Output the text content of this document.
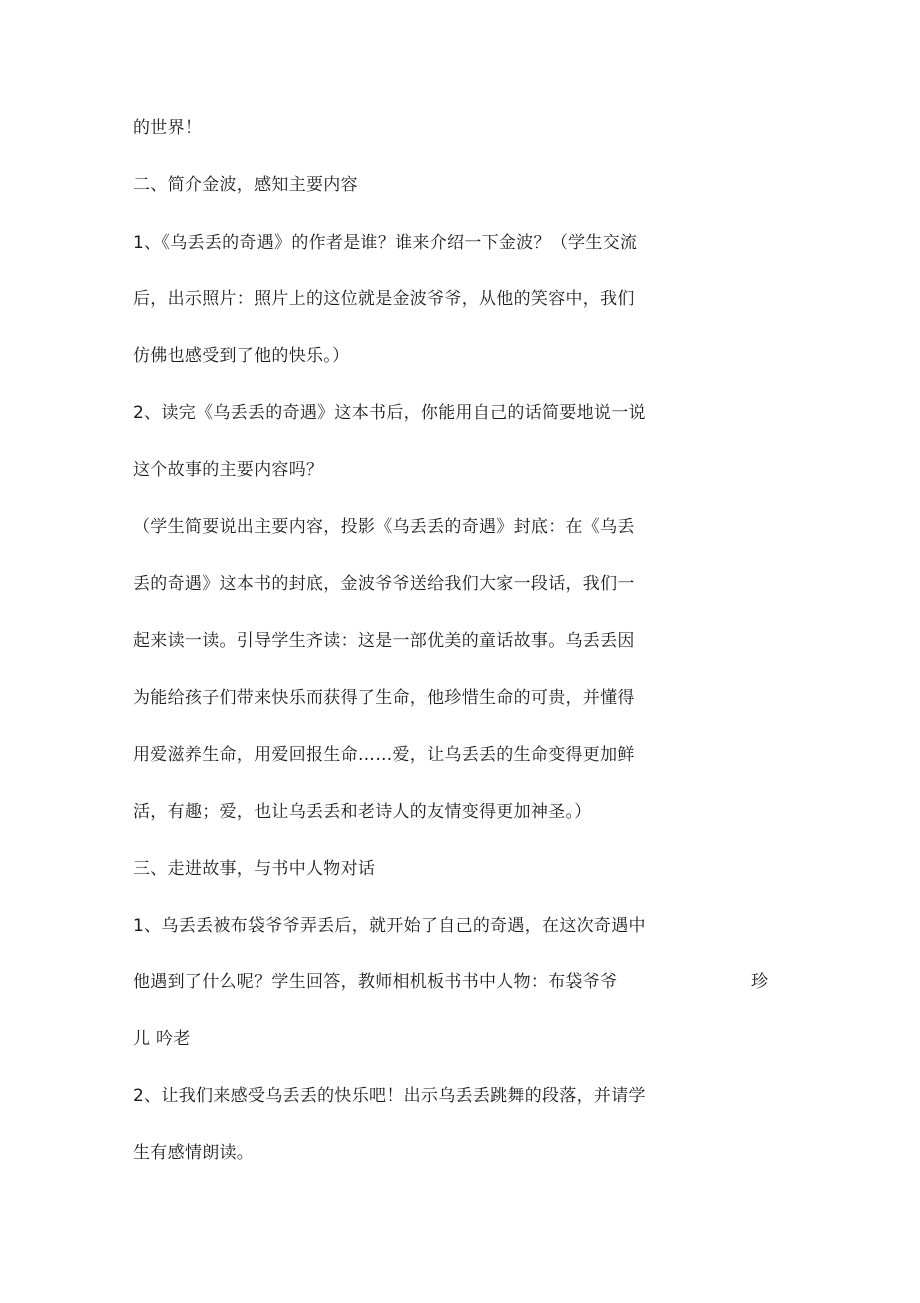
的世界！
二、简介金波，感知主要内容
1、《乌丢丢的奇遇》的作者是谁？谁来介绍一下金波？（学生交流
后，出示照片：照片上的这位就是金波爷爷，从他的笑容中，我们
仿佛也感受到了他的快乐。）
2、读完《乌丢丢的奇遇》这本书后，你能用自己的话简要地说一说
这个故事的主要内容吗？
（学生简要说出主要内容，投影《乌丢丢的奇遇》封底：在《乌丢
丢的奇遇》这本书的封底，金波爷爷送给我们大家一段话，我们一
起来读一读。引导学生齐读：这是一部优美的童话故事。乌丢丢因
为能给孩子们带来快乐而获得了生命，他珍惜生命的可贵，并懂得
用爱滋养生命，用爱回报生命……爱，让乌丢丢的生命变得更加鲜
活，有趣；爱，也让乌丢丢和老诗人的友情变得更加神圣。）
三、走进故事，与书中人物对话
1、乌丢丢被布袋爷爷弄丢后，就开始了自己的奇遇，在这次奇遇中
他遇到了什么呢？学生回答，教师相机板书书中人物：布袋爷爷	珍
儿 吟老
2、让我们来感受乌丢丢的快乐吧！出示乌丢丢跳舞的段落，并请学
生有感情朗读。
